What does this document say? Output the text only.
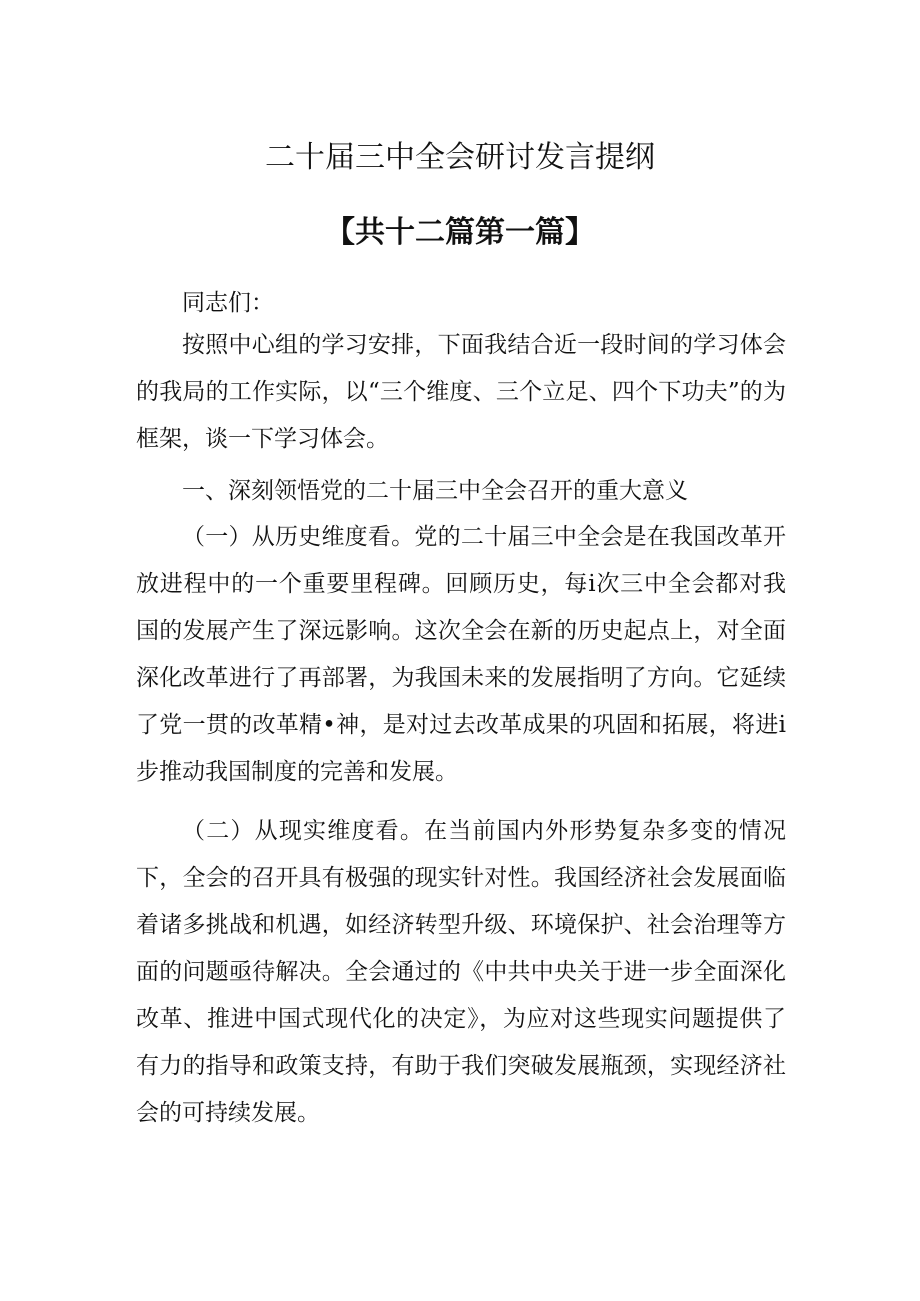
二十届三中全会研讨发言提纲
【共十二篇第一篇】

同志们：

按照中心组的学习安排，下面我结合近一段时间的学习体会的我局的工作实际，以“三个维度、三个立足、四个下功夫”的为框架，谈一下学习体会。

一、深刻领悟党的二十届三中全会召开的重大意义

（一）从历史维度看。党的二十届三中全会是在我国改革开放进程中的一个重要里程碑。回顾历史，每i次三中全会都对我国的发展产生了深远影响。这次全会在新的历史起点上，对全面深化改革进行了再部署，为我国未来的发展指明了方向。它延续了党一贯的改革精•神，是对过去改革成果的巩固和拓展，将进i步推动我国制度的完善和发展。

（二）从现实维度看。在当前国内外形势复杂多变的情况下，全会的召开具有极强的现实针对性。我国经济社会发展面临着诸多挑战和机遇，如经济转型升级、环境保护、社会治理等方面的问题亟待解决。全会通过的《中共中央关于进一步全面深化改革、推进中国式现代化的决定》，为应对这些现实问题提供了有力的指导和政策支持，有助于我们突破发展瓶颈，实现经济社会的可持续发展。
